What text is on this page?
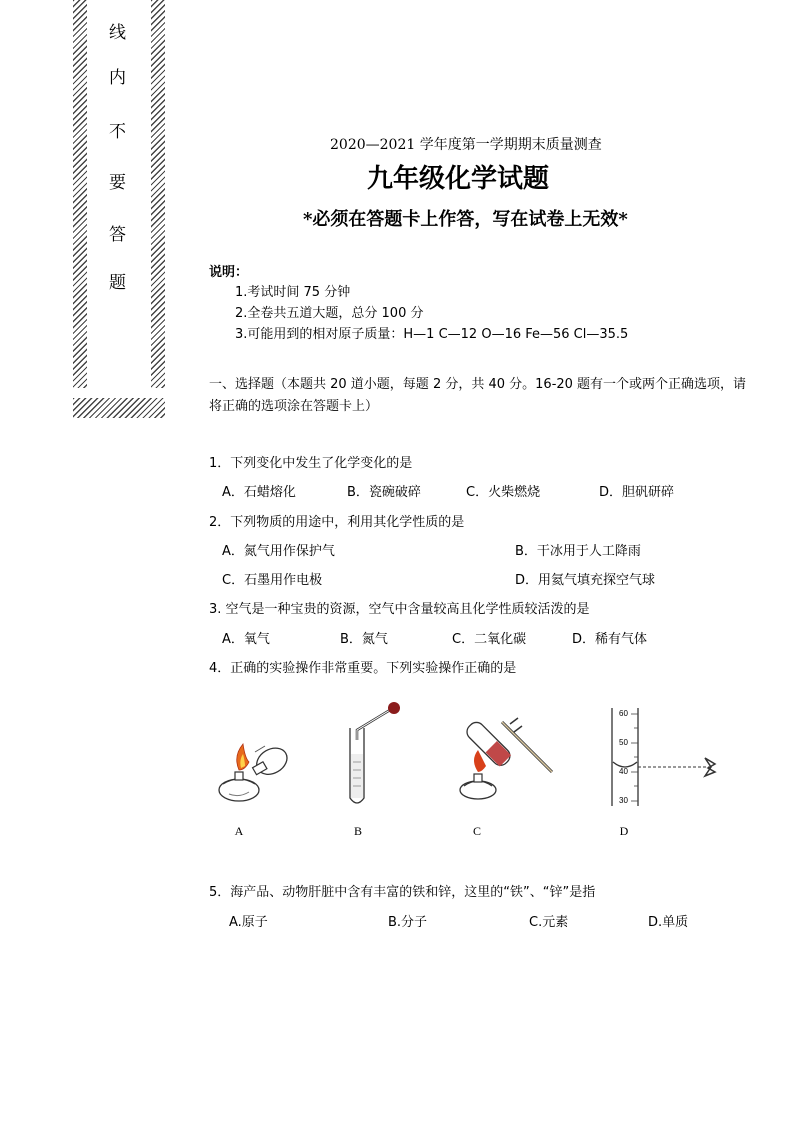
线
内
不
要
答
题
2020—2021 学年度第一学期期末质量测查
九年级化学试题
*必须在答题卡上作答，写在试卷上无效*
说明：
1.考试时间 75 分钟
2.全卷共五道大题，总分 100 分
3.可能用到的相对原子质量：H—1 C—12 O—16 Fe—56 Cl—35.5
一、选择题（本题共 20 道小题，每题 2 分，共 40 分。16-20 题有一个或两个正确选项，请
将正确的选项涂在答题卡上）
1．下列变化中发生了化学变化的是
A．石蜡熔化	B．瓷碗破碎	C．火柴燃烧	D．胆矾研碎
2．下列物质的用途中，利用其化学性质的是
A．氮气用作保护气	B．干冰用于人工降雨
C．石墨用作电极	D．用氦气填充探空气球
3. 空气是一种宝贵的资源，空气中含量较高且化学性质较活泼的是
A．氧气	B．氮气	C．二氧化碳	D．稀有气体
4．正确的实验操作非常重要。下列实验操作正确的是
60
50
40
30
A	B	C	D
5．海产品、动物肝脏中含有丰富的铁和锌，这里的“铁”、“锌”是指
A.原子	B.分子	C.元素	D.单质
